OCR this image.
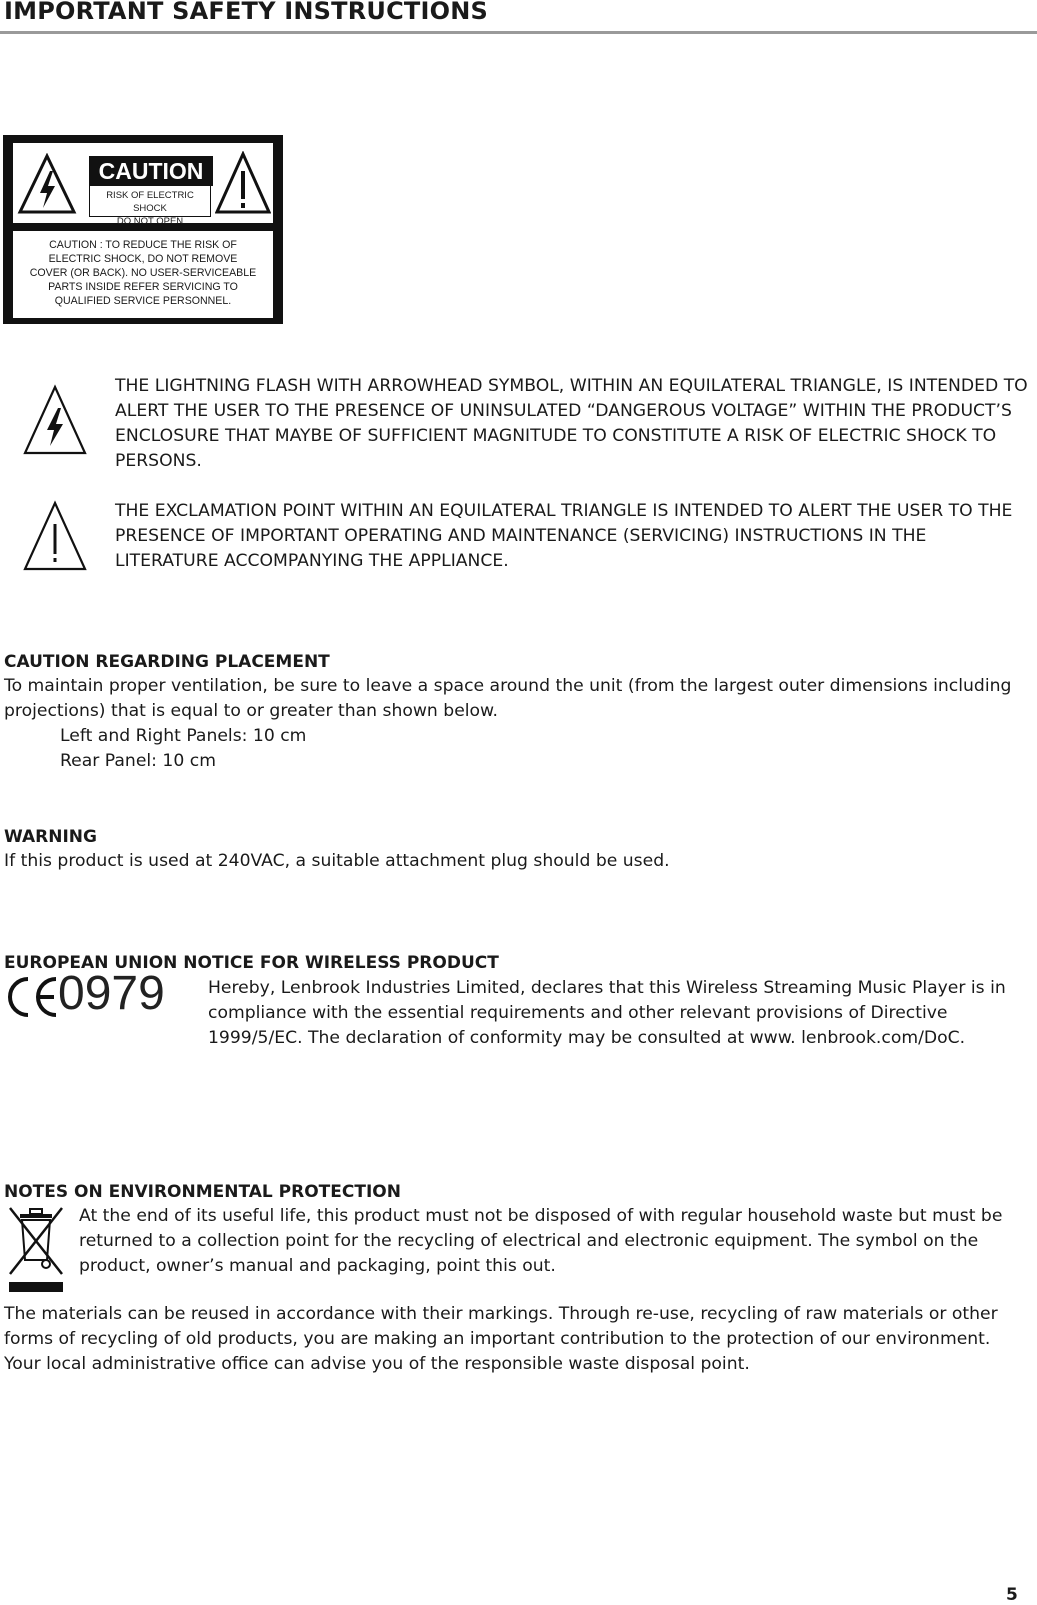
IMPORTANT SAFETY INSTRUCTIONS
CAUTION
RISK OF ELECTRIC SHOCK
DO NOT OPEN
CAUTION : TO REDUCE THE RISK OF
ELECTRIC SHOCK, DO NOT REMOVE
COVER (OR BACK). NO USER-SERVICEABLE
PARTS INSIDE REFER SERVICING TO
QUALIFIED SERVICE PERSONNEL.
THE LIGHTNING FLASH WITH ARROWHEAD SYMBOL, WITHIN AN EQUILATERAL TRIANGLE, IS INTENDED TO
ALERT THE USER TO THE PRESENCE OF UNINSULATED “DANGEROUS VOLTAGE” WITHIN THE PRODUCT’S
ENCLOSURE THAT MAYBE OF SUFFICIENT MAGNITUDE TO CONSTITUTE A RISK OF ELECTRIC SHOCK TO
PERSONS.
THE EXCLAMATION POINT WITHIN AN EQUILATERAL TRIANGLE IS INTENDED TO ALERT THE USER TO THE
PRESENCE OF IMPORTANT OPERATING AND MAINTENANCE (SERVICING) INSTRUCTIONS IN THE
LITERATURE ACCOMPANYING THE APPLIANCE.
CAUTION REGARDING PLACEMENT
To maintain proper ventilation, be sure to leave a space around the unit (from the largest outer dimensions including
projections) that is equal to or greater than shown below.
Left and Right Panels: 10 cm
Rear Panel: 10 cm
WARNING
If this product is used at 240VAC, a suitable attachment plug should be used.
EUROPEAN UNION NOTICE FOR WIRELESS PRODUCT
0979	Hereby, Lenbrook Industries Limited, declares that this Wireless Streaming Music Player is in
compliance with the essential requirements and other relevant provisions of Directive
1999/5/EC. The declaration of conformity may be consulted at www. lenbrook.com/DoC.
NOTES ON ENVIRONMENTAL PROTECTION
At the end of its useful life, this product must not be disposed of with regular household waste but must be
returned to a collection point for the recycling of electrical and electronic equipment. The symbol on the
product, owner’s manual and packaging, point this out.
The materials can be reused in accordance with their markings. Through re-use, recycling of raw materials or other
forms of recycling of old products, you are making an important contribution to the protection of our environment.
Your local administrative office can advise you of the responsible waste disposal point.
5
